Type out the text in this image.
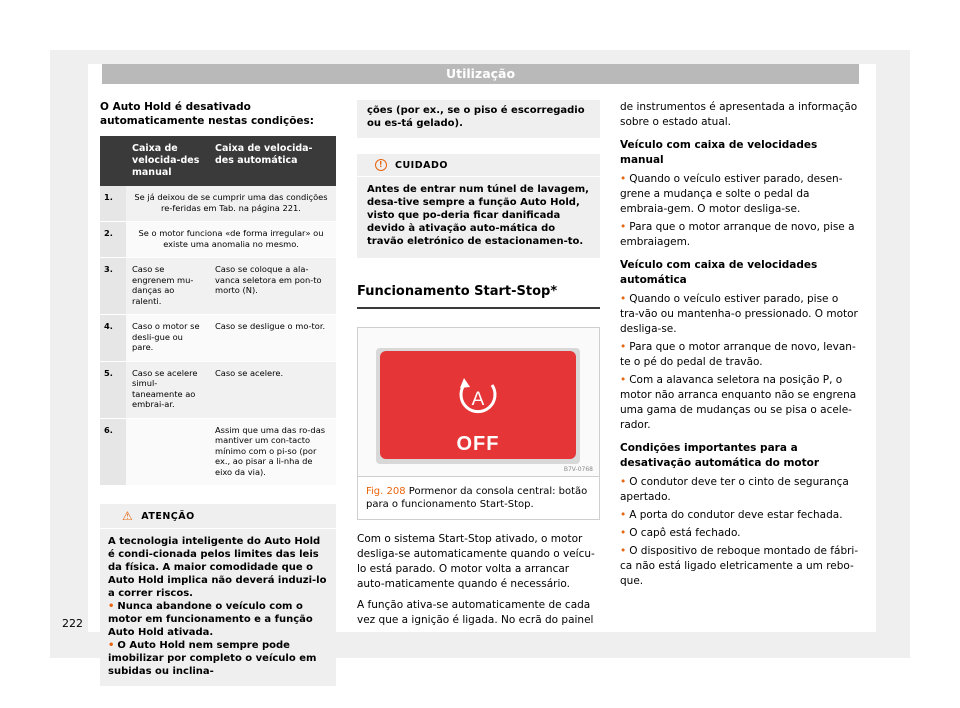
Utilização

O Auto Hold é desativado automaticamente nestas condições:

	Caixa de velocida-des manual	Caixa de velocida-des automática
1.	Se já deixou de se cumprir uma das condições re-feridas em Tab. na página 221.	
2.	Se o motor funciona «de forma irregular» ou existe uma anomalia no mesmo.	
3.	Caso se engrenem mu-danças ao ralenti.	Caso se coloque a ala-vanca seletora em pon-to morto (N).
4.	Caso o motor se desli-gue ou pare.	Caso se desligue o mo-tor.
5.	Caso se acelere simul-taneamente ao embrai-ar.	Caso se acelere.
6.		Assim que uma das ro-das mantiver um con-tacto mínimo com o pi-so (por ex., ao pisar a li-nha de eixo da via).
⚠ ATENÇÃO
A tecnologia inteligente do Auto Hold é condi-cionada pelos limites das leis da física. A maior comodidade que o Auto Hold implica não deverá induzi-lo a correr riscos.
• Nunca abandone o veículo com o motor em funcionamento e a função Auto Hold ativada.
• O Auto Hold nem sempre pode imobilizar por completo o veículo em subidas ou inclina-
ções (por ex., se o piso é escorregadio ou es-tá gelado).
!	CUIDADO
Antes de entrar num túnel de lavagem, desa-tive sempre a função Auto Hold, visto que po-deria ficar danificada devido à ativação auto-mática do travão eletrónico de estacionamen-to.
Funcionamento Start-Stop*
A
OFF
B7V-0768
Fig. 208 Pormenor da consola central: botão para o funcionamento Start-Stop.

Com o sistema Start-Stop ativado, o motor desliga-se automaticamente quando o veícu-lo está parado. O motor volta a arrancar auto-maticamente quando é necessário.

A função ativa-se automaticamente de cada vez que a ignição é ligada. No ecrã do painel

de instrumentos é apresentada a informação sobre o estado atual.

Veículo com caixa de velocidades manual
• Quando o veículo estiver parado, desen-grene a mudança e solte o pedal da embraia-gem. O motor desliga-se.
• Para que o motor arranque de novo, pise a embraiagem.
Veículo com caixa de velocidades automática
• Quando o veículo estiver parado, pise o tra-vão ou mantenha-o pressionado. O motor desliga-se.
• Para que o motor arranque de novo, levan-te o pé do pedal de travão.
• Com a alavanca seletora na posição P, o motor não arranca enquanto não se engrena uma gama de mudanças ou se pisa o acele-rador.
Condições importantes para a desativação automática do motor
• O condutor deve ter o cinto de segurança apertado.
• A porta do condutor deve estar fechada.
• O capô está fechado.
• O dispositivo de reboque montado de fábri-ca não está ligado eletricamente a um rebo-que.
222
